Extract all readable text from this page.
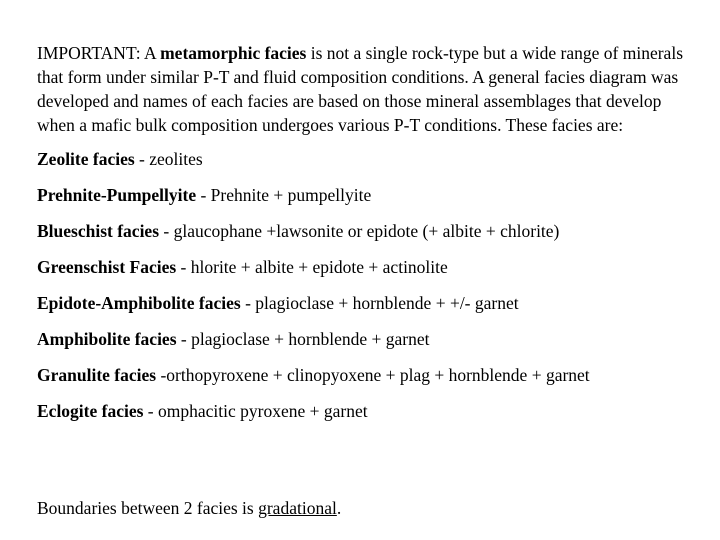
IMPORTANT: A metamorphic facies is not a single rock-type but a wide range of minerals that form under similar P-T and fluid composition conditions. A general facies diagram was developed and names of each facies are based on those mineral assemblages that develop when a mafic bulk composition undergoes various P-T conditions. These facies are:

Zeolite facies - zeolites
Prehnite-Pumpellyite - Prehnite + pumpellyite
Blueschist facies - glaucophane +lawsonite or epidote (+ albite + chlorite)
Greenschist Facies - hlorite + albite + epidote + actinolite
Epidote-Amphibolite facies - plagioclase + hornblende + +/- garnet
Amphibolite facies - plagioclase + hornblende + garnet
Granulite facies -orthopyroxene + clinopyoxene + plag + hornblende + garnet
Eclogite facies - omphacitic pyroxene + garnet

Boundaries between 2 facies is gradational.
